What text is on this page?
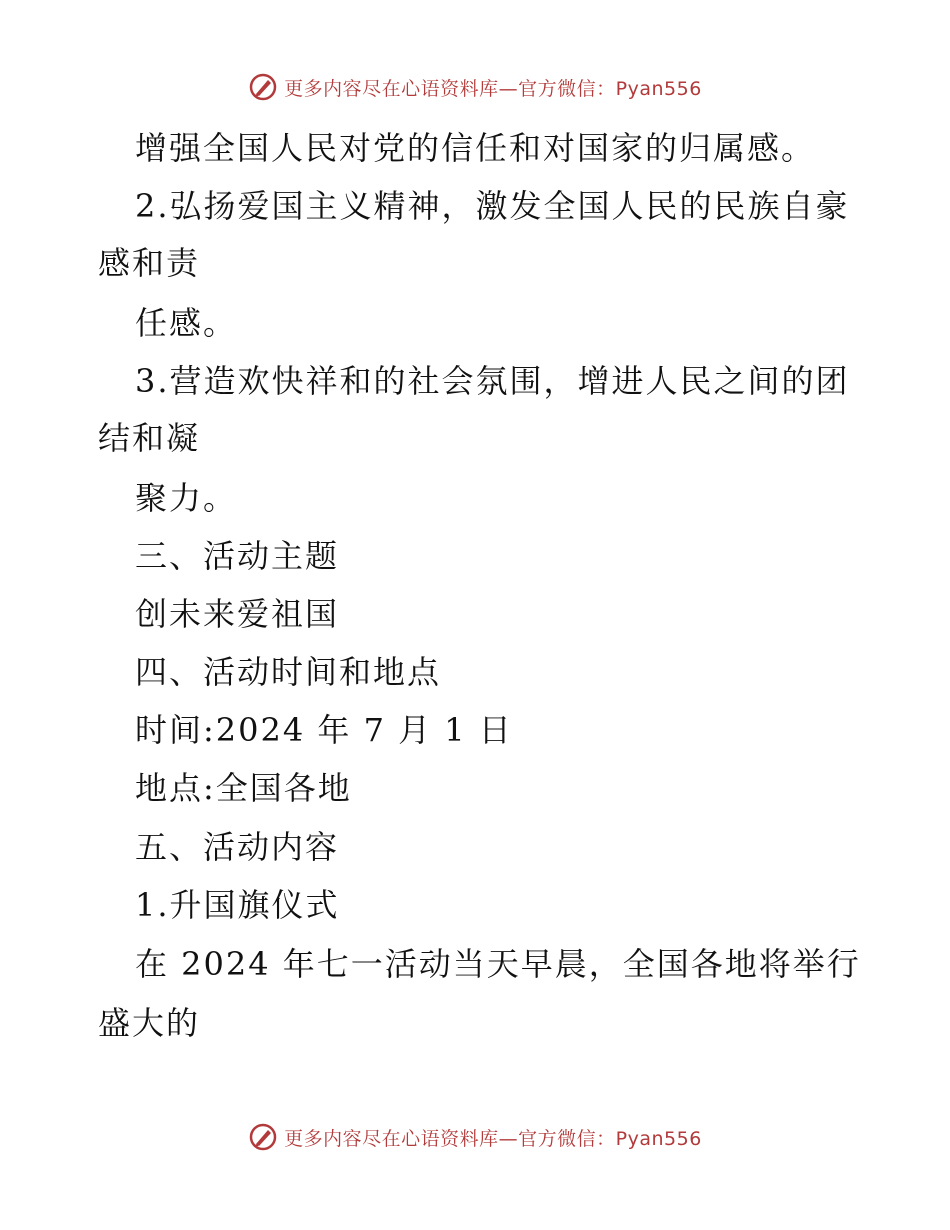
更多内容尽在心语资料库—官方微信：Pyan556
增强全国人民对党的信任和对国家的归属感。
2.弘扬爱国主义精神，激发全国人民的民族自豪
感和责
任感。
3.营造欢快祥和的社会氛围，增进人民之间的团
结和凝
聚力。
三、活动主题
创未来爱祖国
四、活动时间和地点
时间:2024 年 7 月 1 日
地点:全国各地
五、活动内容
1.升国旗仪式
在 2024 年七一活动当天早晨，全国各地将举行
盛大的
更多内容尽在心语资料库—官方微信：Pyan556
